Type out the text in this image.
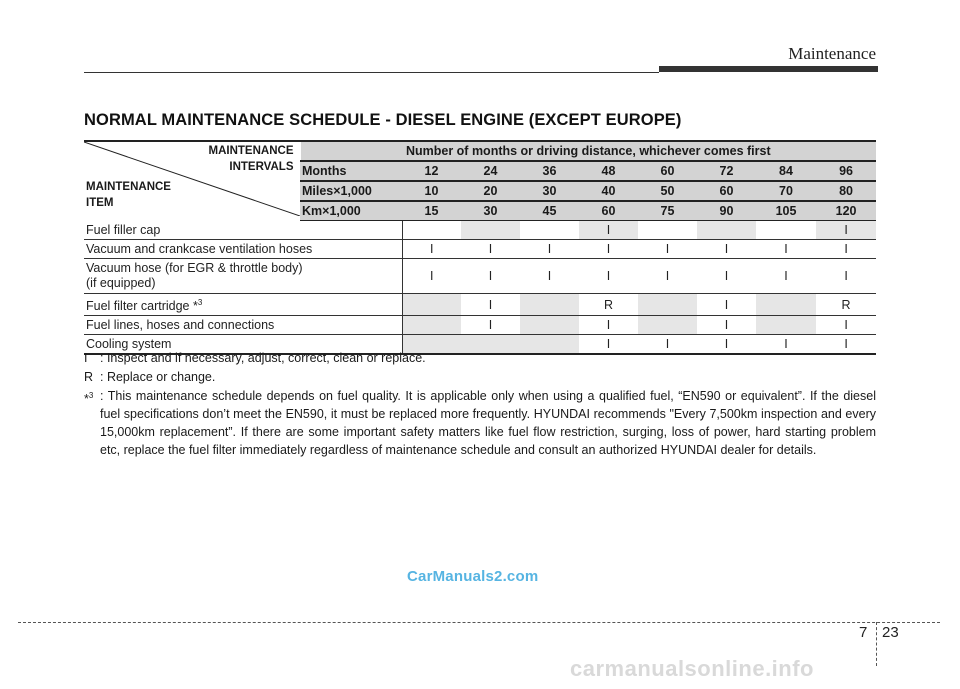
Maintenance
NORMAL MAINTENANCE SCHEDULE - DIESEL ENGINE (EXCEPT EUROPE)
MAINTENANCE
INTERVALS
MAINTENANCE
ITEM	Number of months or driving distance, whichever comes first								
	Months	12	24	36	48	60	72	84	96
	Miles×1,000	10	20	30	40	50	60	70	80
	Km×1,000	15	30	45	60	75	90	105	120
Fuel filler cap					I				I
Vacuum and crankcase ventilation hoses		I	I	I	I	I	I	I	I

Vacuum hose (for EGR & throttle body)
(if equipped)		I	I	I	I	I	I	I	I
Fuel filter cartridge *$^3$			I		R		I		R
Fuel lines, hoses and connections			I		I		I		I
Cooling system					I	I	I	I	I
I	: Inspect and if necessary, adjust, correct, clean or replace.
R : Replace or change.
*$^3$ : This maintenance schedule depends on fuel quality. It is applicable only when using a qualified fuel, “EN590 or equivalent”. If the diesel fuel specifications don’t meet the EN590, it must be replaced more frequently. HYUNDAI recommends "Every 7,500km inspection and every 15,000km replacement”. If there are some important safety matters like fuel flow restriction, surging, loss of power, hard starting problem etc, replace the fuel filter immediately regardless of maintenance schedule and consult an authorized HYUNDAI dealer for details.
CarManuals2.com
7 23
carmanualsonline.info
